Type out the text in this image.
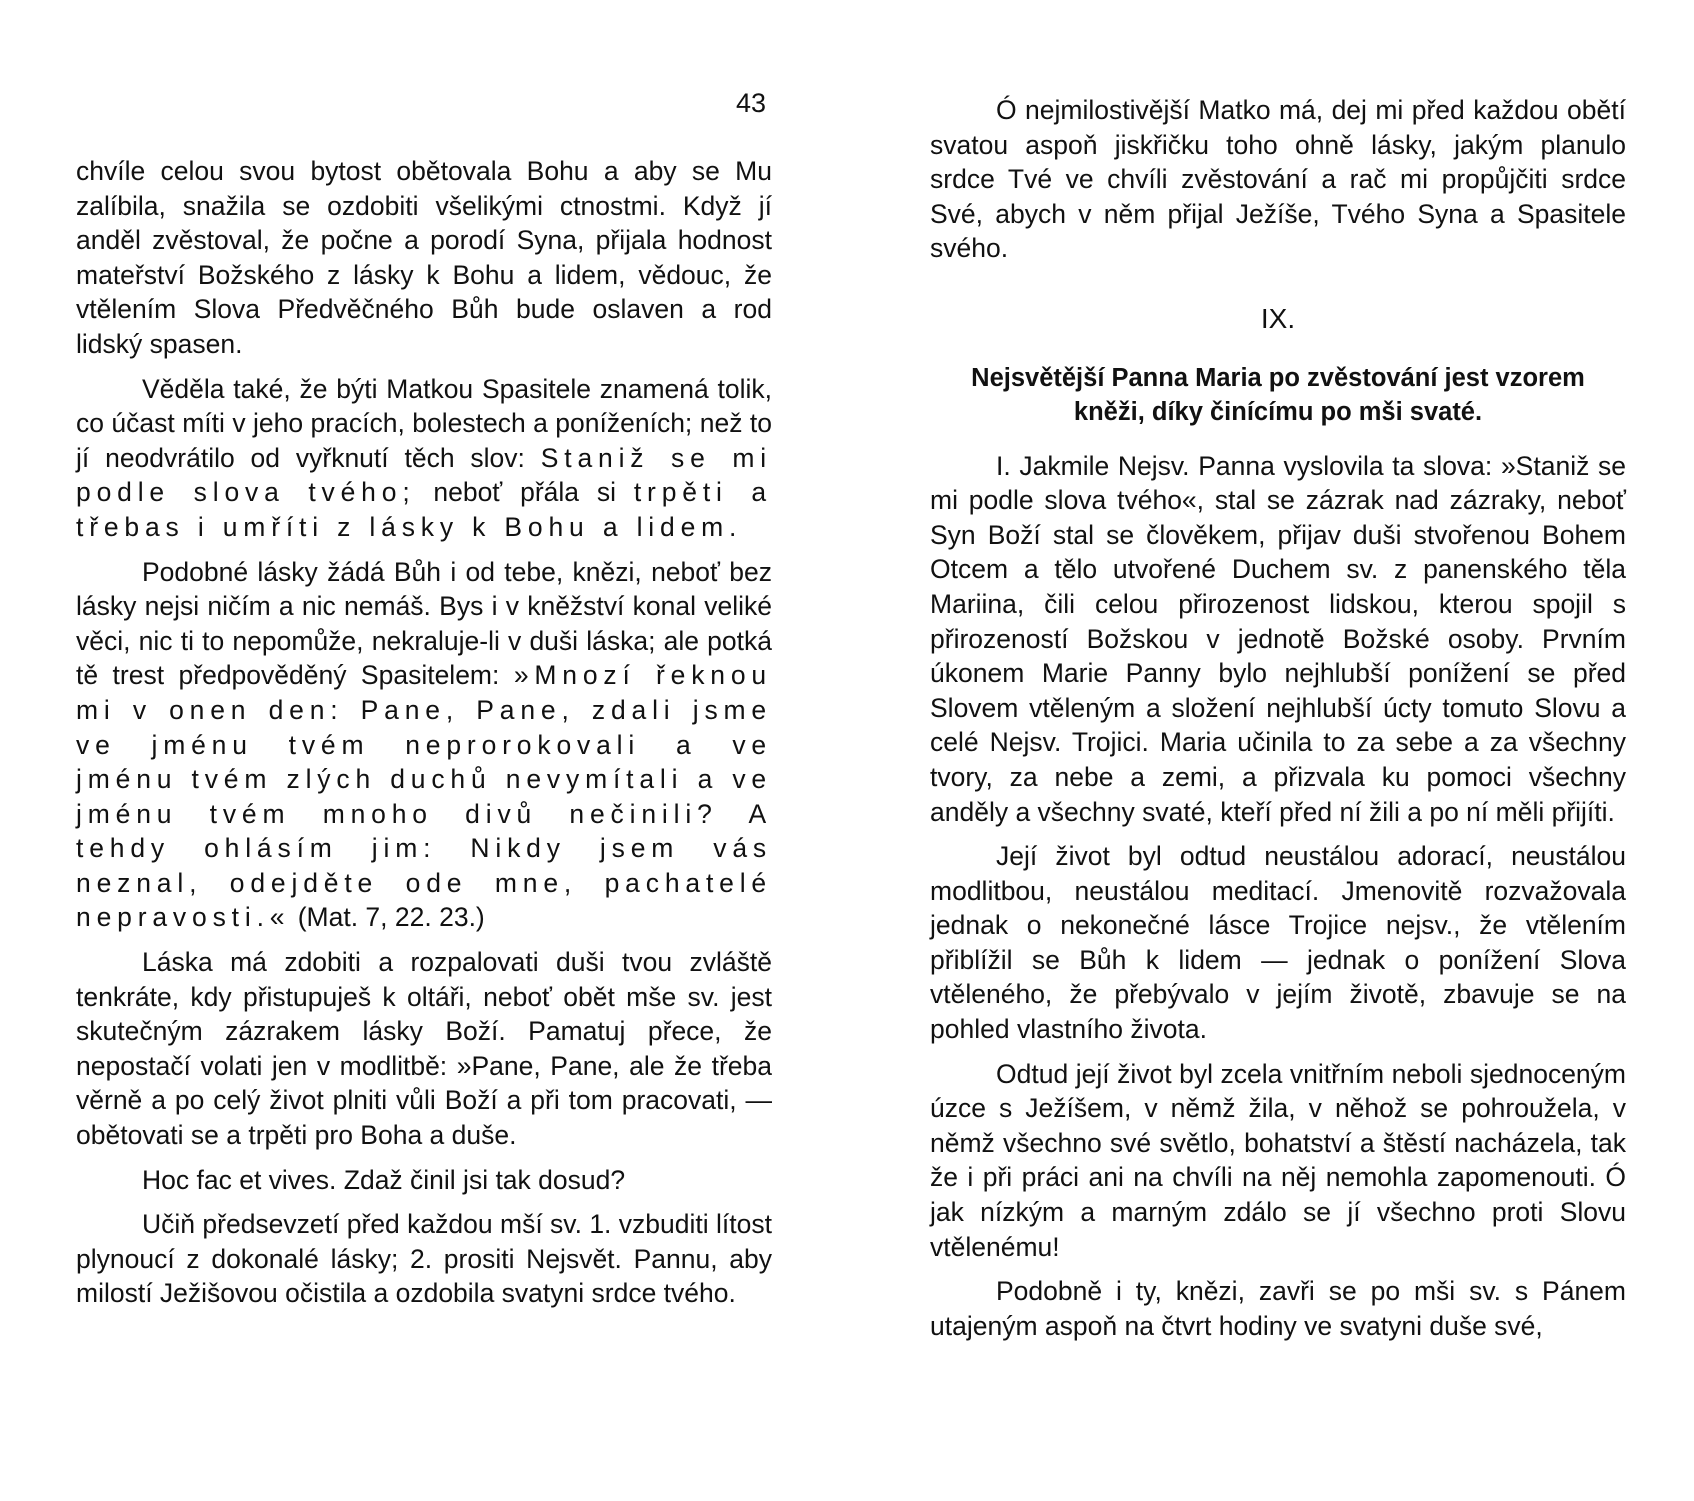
43

chvíle celou svou bytost obětovala Bohu a aby se Mu zalíbila, snažila se ozdobiti všelikými ctnostmi. Když jí anděl zvěstoval, že počne a porodí Syna, přijala hodnost mateřství Božského z lásky k Bohu a lidem, vědouc, že vtělením Slova Předvěčného Bůh bude oslaven a rod lidský spasen.

Věděla také, že býti Matkou Spasitele znamená tolik, co účast míti v jeho pracích, bolestech a poníženích; než to jí neodvrátilo od vyřknutí těch slov: Staniž se mi podle slova tvého; neboť přála si trpěti a třebas i umříti z lásky k Bohu a lidem.

Podobné lásky žádá Bůh i od tebe, knězi, neboť bez lásky nejsi ničím a nic nemáš. Bys i v kněžství konal veliké věci, nic ti to nepomůže, nekraluje-li v duši láska; ale potká tě trest předpověděný Spasitelem: »Mnozí řeknou mi v onen den: Pane, Pane, zdali jsme ve jménu tvém neprorokovali a ve jménu tvém zlých duchů nevymítali a ve jménu tvém mnoho divů nečinili? A tehdy ohlásím jim: Nikdy jsem vás neznal, odejděte ode mne, pachatelé nepravosti.« (Mat. 7, 22. 23.)

Láska má zdobiti a rozpalovati duši tvou zvláště tenkráte, kdy přistupuješ k oltáři, neboť obět mše sv. jest skutečným zázrakem lásky Boží. Pamatuj přece, že nepostačí volati jen v modlitbě: »Pane, Pane, ale že třeba věrně a po celý život plniti vůli Boží a při tom pracovati, — obětovati se a trpěti pro Boha a duše.

Hoc fac et vives. Zdaž činil jsi tak dosud?

Učiň předsevzetí před každou mší sv. 1. vzbuditi lítost plynoucí z dokonalé lásky; 2. prositi Nejsvět. Pannu, aby milostí Ježišovou očistila a ozdobila svatyni srdce tvého.

Ó nejmilostivější Matko má, dej mi před každou obětí svatou aspoň jiskřičku toho ohně lásky, jakým planulo srdce Tvé ve chvíli zvěstování a rač mi propůjčiti srdce Své, abych v něm přijal Ježíše, Tvého Syna a Spasitele svého.

IX.
Nejsvětější Panna Maria po zvěstování jest vzorem kněži, díky činícímu po mši svaté.

I. Jakmile Nejsv. Panna vyslovila ta slova: »Staniž se mi podle slova tvého«, stal se zázrak nad zázraky, neboť Syn Boží stal se člověkem, přijav duši stvořenou Bohem Otcem a tělo utvořené Duchem sv. z panenského těla Mariina, čili celou přirozenost lidskou, kterou spojil s přirozeností Božskou v jednotě Božské osoby. Prvním úkonem Marie Panny bylo nejhlubší ponížení se před Slovem vtěleným a složení nejhlubší úcty tomuto Slovu a celé Nejsv. Trojici. Maria učinila to za sebe a za všechny tvory, za nebe a zemi, a přizvala ku pomoci všechny anděly a všechny svaté, kteří před ní žili a po ní měli přijíti.

Její život byl odtud neustálou adorací, neustálou modlitbou, neustálou meditací. Jmenovitě rozvažovala jednak o nekonečné lásce Trojice nejsv., že vtělením přiblížil se Bůh k lidem — jednak o ponížení Slova vtěleného, že přebývalo v jejím životě, zbavuje se na pohled vlastního života.

Odtud její život byl zcela vnitřním neboli sjednoceným úzce s Ježíšem, v němž žila, v něhož se pohroužela, v němž všechno své světlo, bohatství a štěstí nacházela, tak že i při práci ani na chvíli na něj nemohla zapomenouti. Ó jak nízkým a marným zdálo se jí všechno proti Slovu vtělenému!

Podobně i ty, knězi, zavři se po mši sv. s Pánem utajeným aspoň na čtvrt hodiny ve svatyni duše své,
